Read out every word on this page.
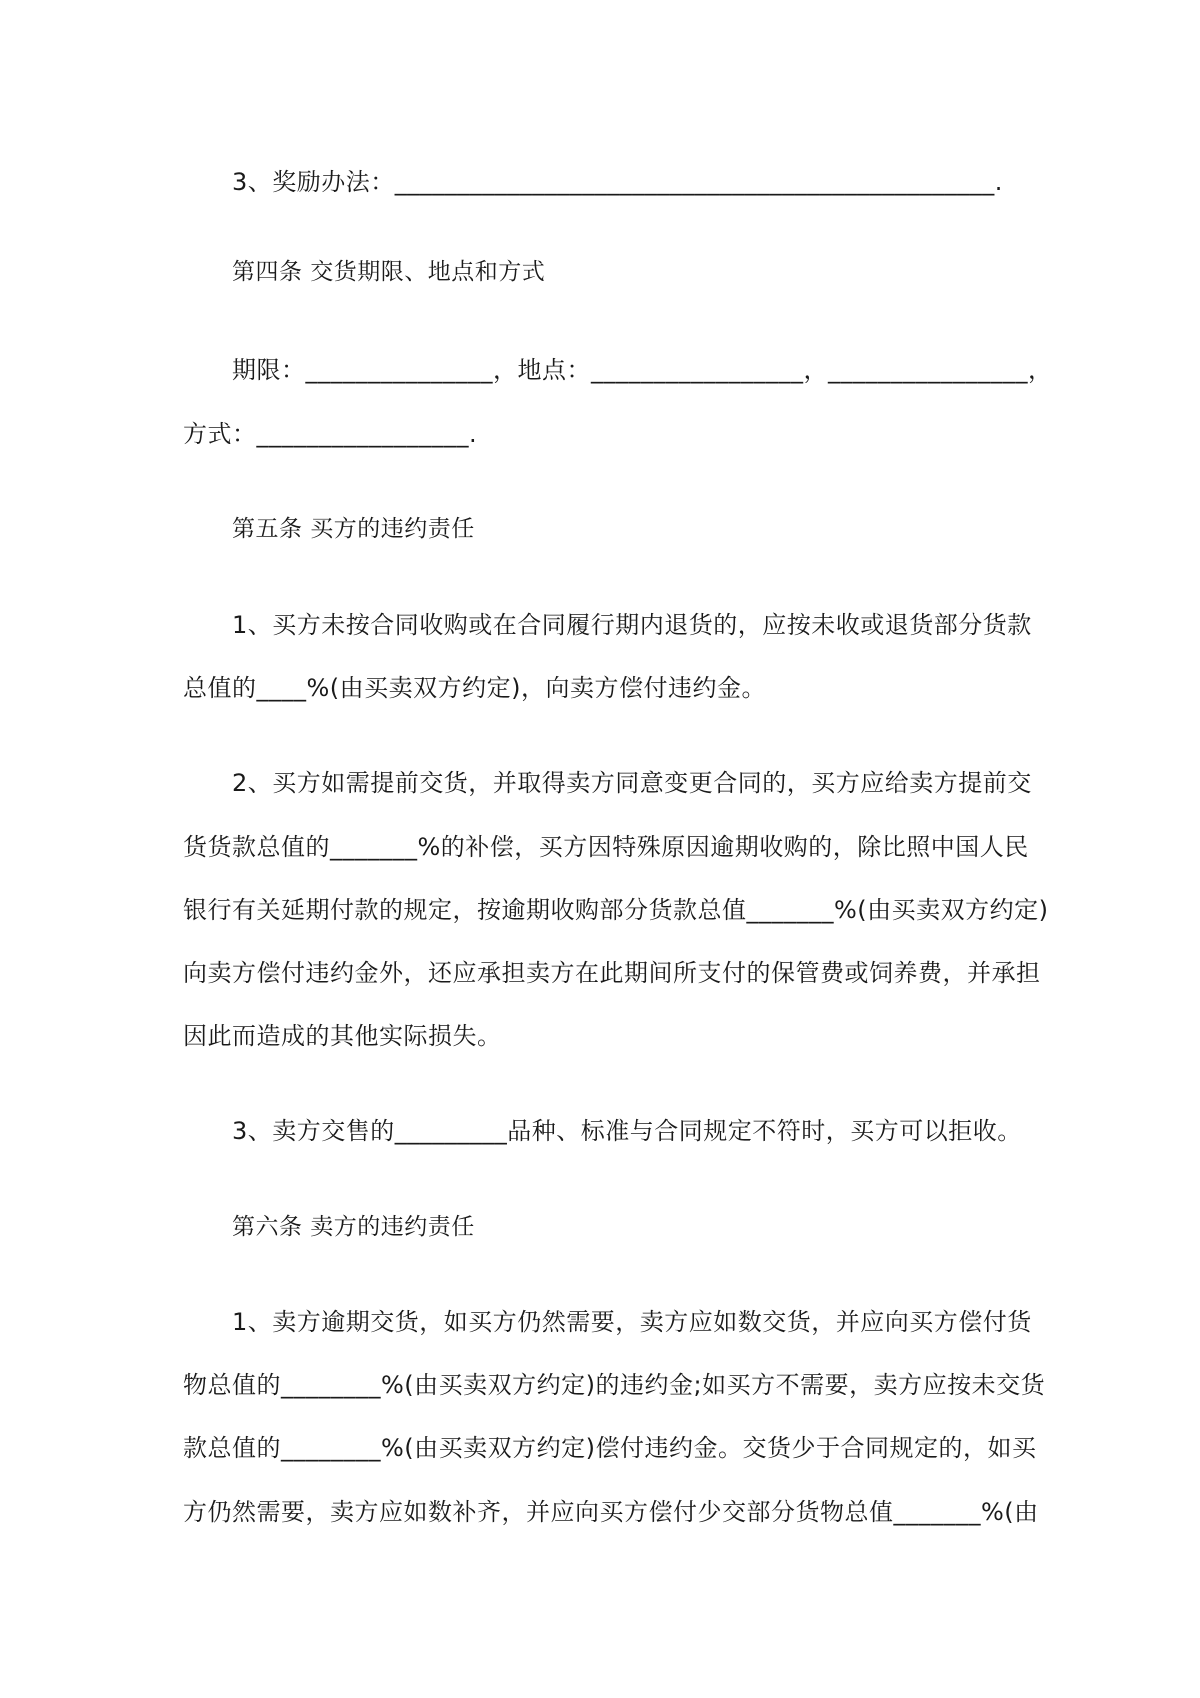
3、奖励办法：________________________________________________.
第四条 交货期限、地点和方式
期限：_______________，地点：_________________，________________，
方式：_________________.
第五条 买方的违约责任
1、买方未按合同收购或在合同履行期内退货的，应按未收或退货部分货款
总值的____%(由买卖双方约定)，向卖方偿付违约金。
2、买方如需提前交货，并取得卖方同意变更合同的，买方应给卖方提前交
货货款总值的_______%的补偿，买方因特殊原因逾期收购的，除比照中国人民
银行有关延期付款的规定，按逾期收购部分货款总值_______%(由买卖双方约定)
向卖方偿付违约金外，还应承担卖方在此期间所支付的保管费或饲养费，并承担
因此而造成的其他实际损失。
3、卖方交售的_________品种、标准与合同规定不符时，买方可以拒收。
第六条 卖方的违约责任
1、卖方逾期交货，如买方仍然需要，卖方应如数交货，并应向买方偿付货
物总值的________%(由买卖双方约定)的违约金;如买方不需要，卖方应按未交货
款总值的________%(由买卖双方约定)偿付违约金。交货少于合同规定的，如买
方仍然需要，卖方应如数补齐，并应向买方偿付少交部分货物总值_______%(由
